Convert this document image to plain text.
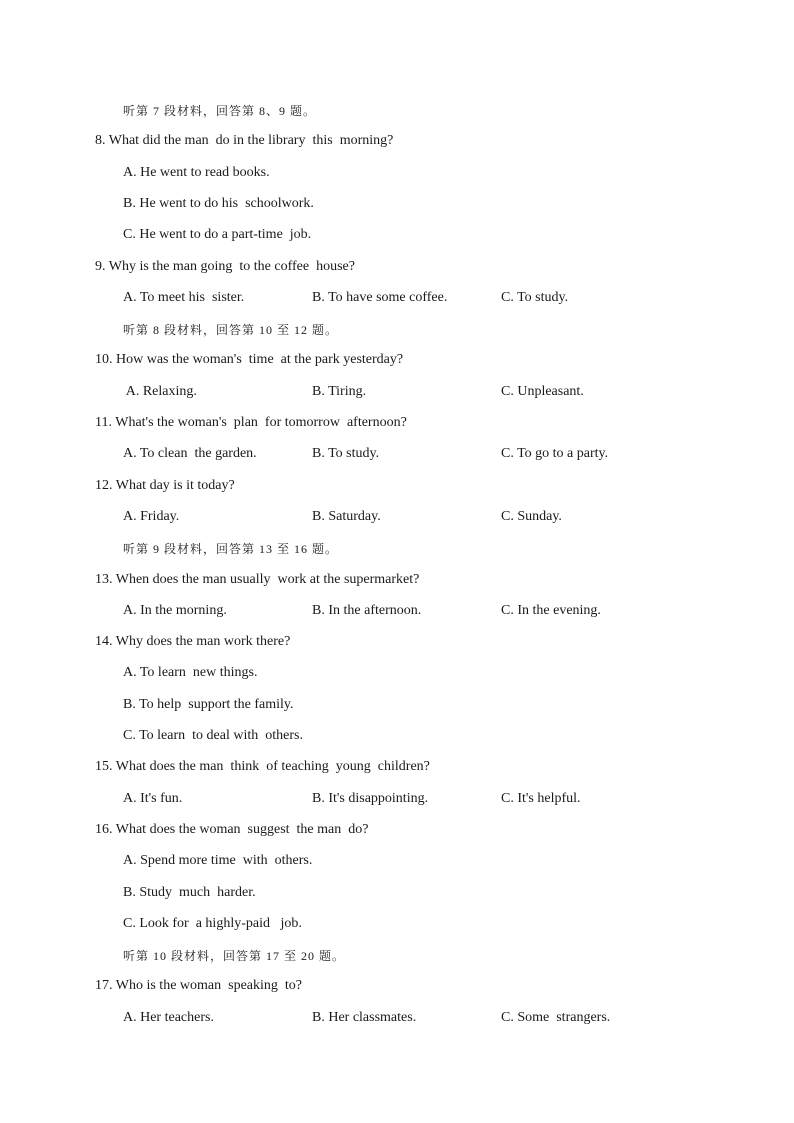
听第 7 段材料，回答第 8、9 题。
8. What did the man  do in the library  this  morning?
A. He went to read books.
B. He went to do his  schoolwork.
C. He went to do a part-time  job.
9. Why is the man going  to the coffee  house?
A. To meet his  sister.	B. To have some coffee.	C. To study.
听第 8 段材料，回答第 10 至 12 题。
10. How was the woman's  time  at the park yesterday?
A. Relaxing.	B. Tiring.	C. Unpleasant.
11. What's the woman's  plan  for tomorrow  afternoon?
A. To clean  the garden.	B. To study.	C. To go to a party.
12. What day is it today?
A. Friday.	B. Saturday.	C. Sunday.
听第 9 段材料，回答第 13 至 16 题。
13. When does the man usually  work at the supermarket?
A. In the morning.	B. In the afternoon.	C. In the evening.
14. Why does the man work there?
A. To learn  new things.
B. To help  support the family.
C. To learn  to deal with  others.
15. What does the man  think  of teaching  young  children?
A. It's fun.	B. It's disappointing.	C. It's helpful.
16. What does the woman  suggest  the man  do?
A. Spend more time  with  others.
B. Study  much  harder.
C. Look for  a highly-paid   job.
听第 10 段材料，回答第 17 至 20 题。
17. Who is the woman  speaking  to?
A. Her teachers.	B. Her classmates.	C. Some  strangers.
